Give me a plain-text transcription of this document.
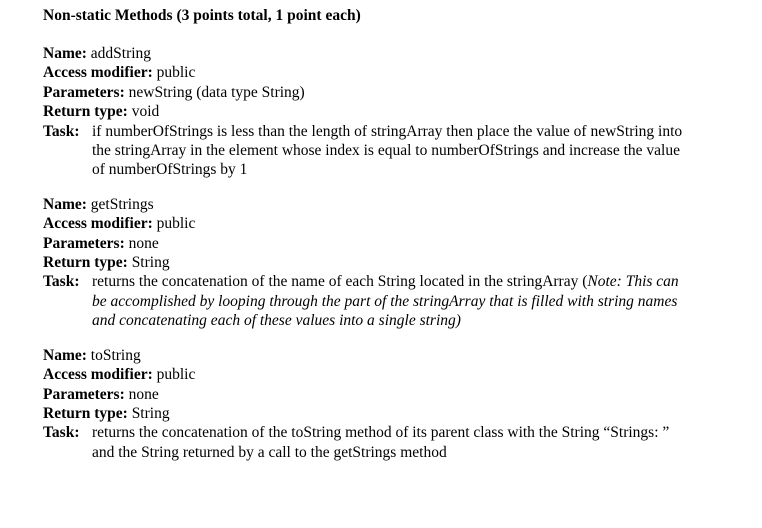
Non-static Methods (3 points total, 1 point each)
Name: addString
Access modifier: public
Parameters: newString (data type String)
Return type: void
Task: if numberOfStrings is less than the length of stringArray then place the value of newString into
the stringArray in the element whose index is equal to numberOfStrings and increase the value
of numberOfStrings by 1
Name: getStrings
Access modifier: public
Parameters: none
Return type: String
Task: returns the concatenation of the name of each String located in the stringArray (Note: This can
be accomplished by looping through the part of the stringArray that is filled with string names
and concatenating each of these values into a single string)
Name: toString
Access modifier: public
Parameters: none
Return type: String
Task: returns the concatenation of the toString method of its parent class with the String “Strings: ”
and the String returned by a call to the getStrings method
